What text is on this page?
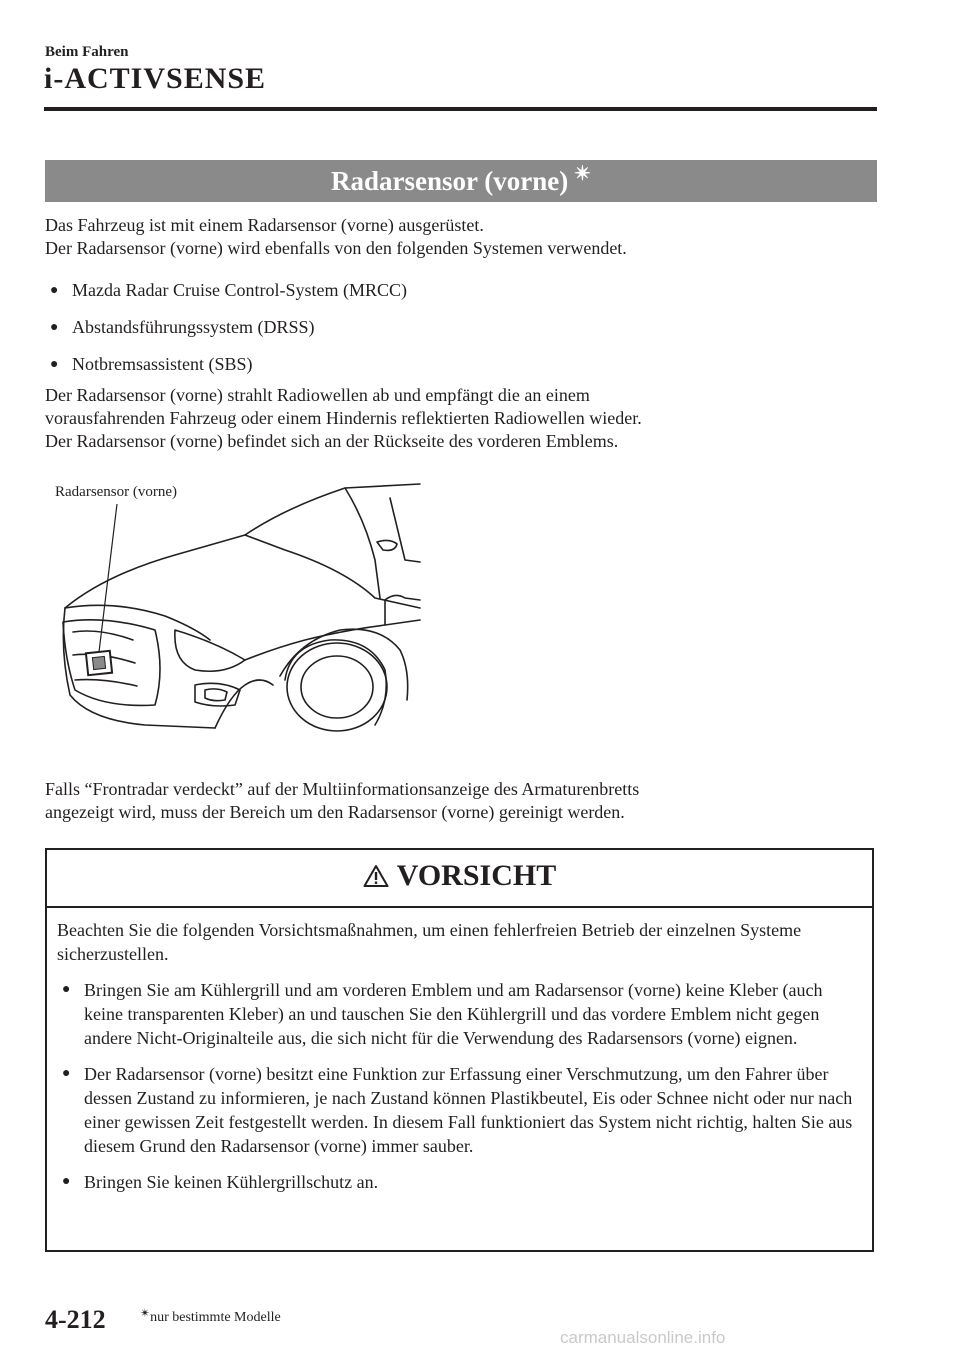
Beim Fahren
i-ACTIVSENSE
Radarsensor (vorne) ✴
Das Fahrzeug ist mit einem Radarsensor (vorne) ausgerüstet.
Der Radarsensor (vorne) wird ebenfalls von den folgenden Systemen verwendet.
● Mazda Radar Cruise Control-System (MRCC)
● Abstandsführungssystem (DRSS)
● Notbremsassistent (SBS)
Der Radarsensor (vorne) strahlt Radiowellen ab und empfängt die an einem
vorausfahrenden Fahrzeug oder einem Hindernis reflektierten Radiowellen wieder.
Der Radarsensor (vorne) befindet sich an der Rückseite des vorderen Emblems.
Radarsensor (vorne)
Falls “Frontradar verdeckt” auf der Multiinformationsanzeige des Armaturenbretts
angezeigt wird, muss der Bereich um den Radarsensor (vorne) gereinigt werden.
VORSICHT

Beachten Sie die folgenden Vorsichtsmaßnahmen, um einen fehlerfreien Betrieb der einzelnen Systeme sicherzustellen.

● Bringen Sie am Kühlergrill und am vorderen Emblem und am Radarsensor (vorne) keine Kleber (auch keine transparenten Kleber) an und tauschen Sie den Kühlergrill und das vordere Emblem nicht gegen andere Nicht-Originalteile aus, die sich nicht für die Verwendung des Radarsensors (vorne) eignen.
● Der Radarsensor (vorne) besitzt eine Funktion zur Erfassung einer Verschmutzung, um den Fahrer über dessen Zustand zu informieren, je nach Zustand können Plastikbeutel, Eis oder Schnee nicht oder nur nach einer gewissen Zeit festgestellt werden. In diesem Fall funktioniert das System nicht richtig, halten Sie aus diesem Grund den Radarsensor (vorne) immer sauber.
● Bringen Sie keinen Kühlergrillschutz an.
4-212	✴nur bestimmte Modelle
carmanualsonline.info
